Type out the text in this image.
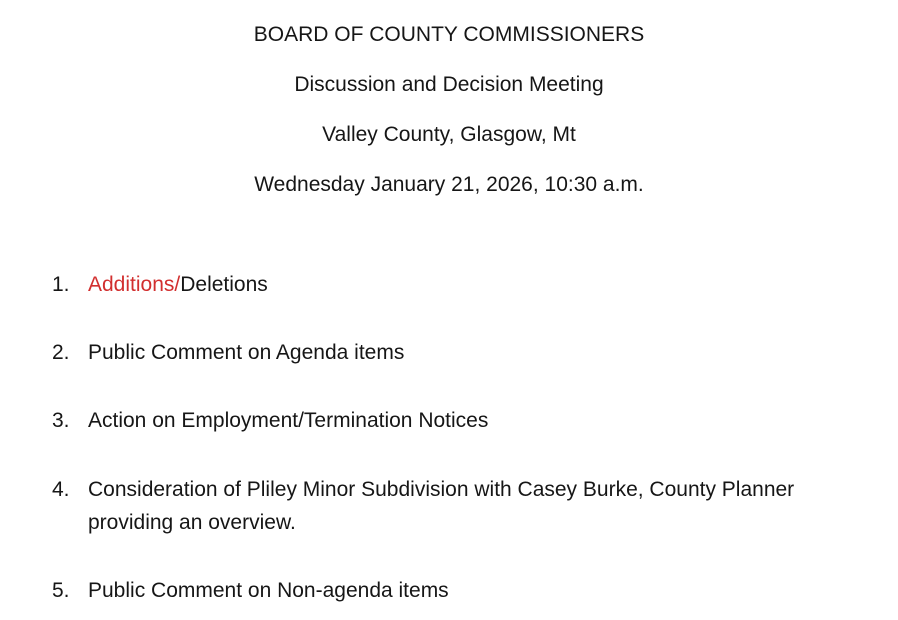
BOARD OF COUNTY COMMISSIONERS
Discussion and Decision Meeting
Valley County, Glasgow, Mt
Wednesday January 21, 2026, 10:30 a.m.
1. Additions/Deletions
2. Public Comment on Agenda items
3. Action on Employment/Termination Notices
4. Consideration of Pliley Minor Subdivision with Casey Burke, County Planner providing an overview.
5. Public Comment on Non-agenda items
